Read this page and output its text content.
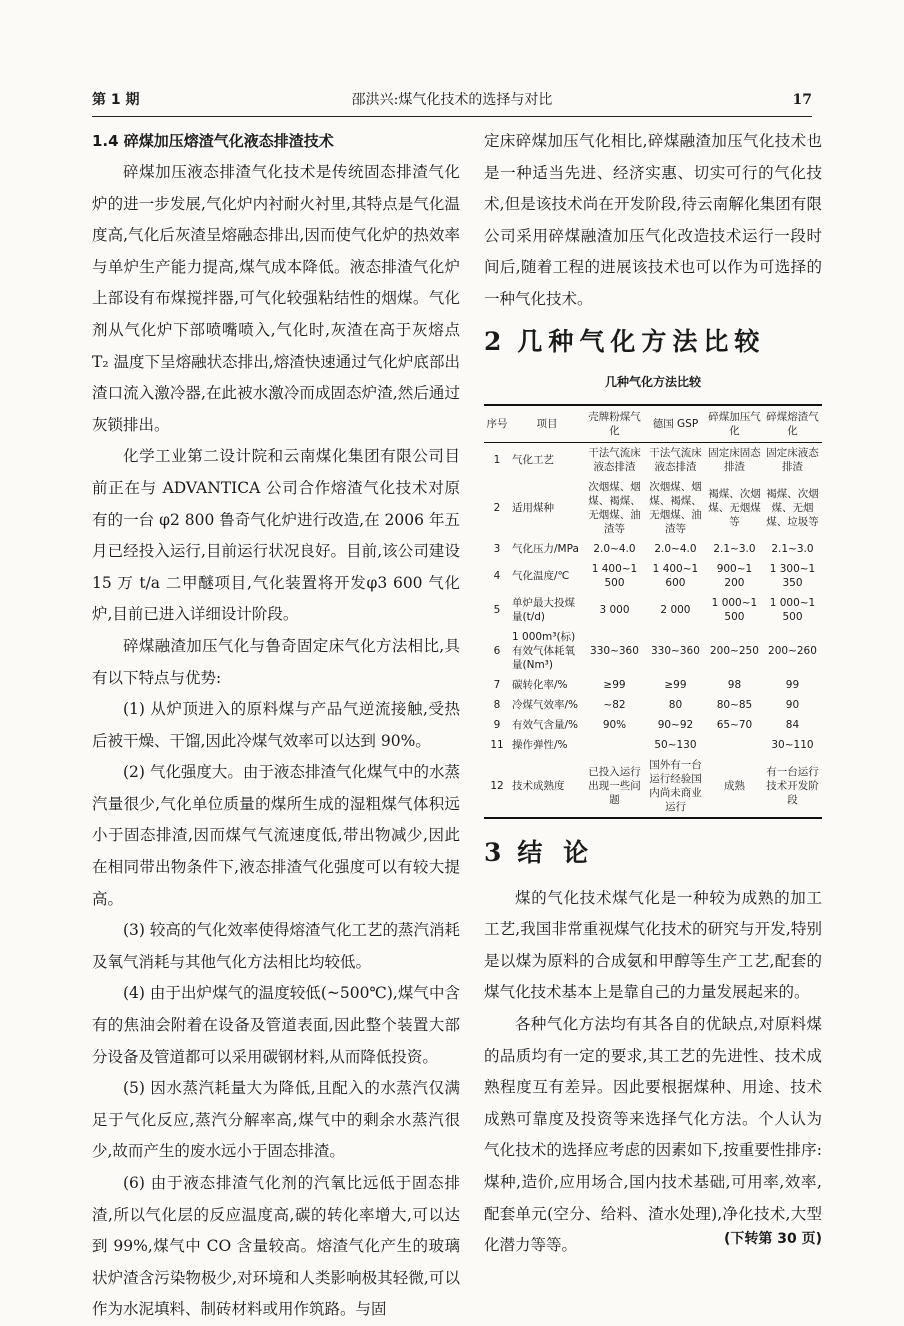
第 1 期	邵洪兴:煤气化技术的选择与对比	17
1.4 碎煤加压熔渣气化液态排渣技术

碎煤加压液态排渣气化技术是传统固态排渣气化炉的进一步发展,气化炉内衬耐火衬里,其特点是气化温度高,气化后灰渣呈熔融态排出,因而使气化炉的热效率与单炉生产能力提高,煤气成本降低。液态排渣气化炉上部设有布煤搅拌器,可气化较强粘结性的烟煤。气化剂从气化炉下部喷嘴喷入,气化时,灰渣在高于灰熔点 T₂ 温度下呈熔融状态排出,熔渣快速通过气化炉底部出渣口流入激冷器,在此被水激冷而成固态炉渣,然后通过灰锁排出。

化学工业第二设计院和云南煤化集团有限公司目前正在与 ADVANTICA 公司合作熔渣气化技术对原有的一台 φ2 800 鲁奇气化炉进行改造,在 2006 年五月已经投入运行,目前运行状况良好。目前,该公司建设 15 万 t/a 二甲醚项目,气化装置将开发φ3 600 气化炉,目前已进入详细设计阶段。

碎煤融渣加压气化与鲁奇固定床气化方法相比,具有以下特点与优势:

(1) 从炉顶进入的原料煤与产品气逆流接触,受热后被干燥、干馏,因此冷煤气效率可以达到 90%。

(2) 气化强度大。由于液态排渣气化煤气中的水蒸汽量很少,气化单位质量的煤所生成的湿粗煤气体积远小于固态排渣,因而煤气气流速度低,带出物减少,因此在相同带出物条件下,液态排渣气化强度可以有较大提高。

(3) 较高的气化效率使得熔渣气化工艺的蒸汽消耗及氧气消耗与其他气化方法相比均较低。

(4) 由于出炉煤气的温度较低(~500℃),煤气中含有的焦油会附着在设备及管道表面,因此整个装置大部分设备及管道都可以采用碳钢材料,从而降低投资。

(5) 因水蒸汽耗量大为降低,且配入的水蒸汽仅满足于气化反应,蒸汽分解率高,煤气中的剩余水蒸汽很少,故而产生的废水远小于固态排渣。

(6) 由于液态排渣气化剂的汽氧比远低于固态排渣,所以气化层的反应温度高,碳的转化率增大,可以达到 99%,煤气中 CO 含量较高。熔渣气化产生的玻璃状炉渣含污染物极少,对环境和人类影响极其轻微,可以作为水泥填料、制砖材料或用作筑路。与固

定床碎煤加压气化相比,碎煤融渣加压气化技术也是一种适当先进、经济实惠、切实可行的气化技术,但是该技术尚在开发阶段,待云南解化集团有限公司采用碎煤融渣加压气化改造技术运行一段时间后,随着工程的进展该技术也可以作为可选择的一种气化技术。

2 几种气化方法比较
几种气化方法比较
序号	项目	壳牌粉煤气化	德国 GSP	碎煤加压气化	碎煤熔渣气化
1	气化工艺	干法气流床液态排渣	干法气流床液态排渣	固定床固态排渣	固定床液态排渣
2	适用煤种	次烟煤、烟煤、褐煤、无烟煤、油渣等	次烟煤、烟煤、褐煤、无烟煤、油渣等	褐煤、次烟煤、无烟煤等	褐煤、次烟煤、无烟煤、垃圾等
3	气化压力/MPa	2.0~4.0	2.0~4.0	2.1~3.0	2.1~3.0
4	气化温度/℃	1 400~1 500	1 400~1 600	900~1 200	1 300~1 350
5	单炉最大投煤量(t/d)	3 000	2 000	1 000~1 500	1 000~1 500
6	1 000m³(标)有效气体耗氧量(Nm³)	330~360	330~360	200~250	200~260
7	碳转化率/%	≥99	≥99	98	99
8	冷煤气效率/%	~82	80	80~85	90
9	有效气含量/%	90%	90~92	65~70	84
11	操作弹性/%		50~130		30~110
12	技术成熟度	已投入运行出现一些问题	国外有一台运行经验国内尚未商业运行	成熟	有一台运行技术开发阶段
3 结 论

煤的气化技术煤气化是一种较为成熟的加工工艺,我国非常重视煤气化技术的研究与开发,特别是以煤为原料的合成氨和甲醇等生产工艺,配套的煤气化技术基本上是靠自己的力量发展起来的。

各种气化方法均有其各自的优缺点,对原料煤的品质均有一定的要求,其工艺的先进性、技术成熟程度互有差异。因此要根据煤种、用途、技术成熟可靠度及投资等来选择气化方法。个人认为气化技术的选择应考虑的因素如下,按重要性排序:煤种,造价,应用场合,国内技术基础,可用率,效率,配套单元(空分、给料、渣水处理),净化技术,大型化潜力等等。	(下转第 30 页)
